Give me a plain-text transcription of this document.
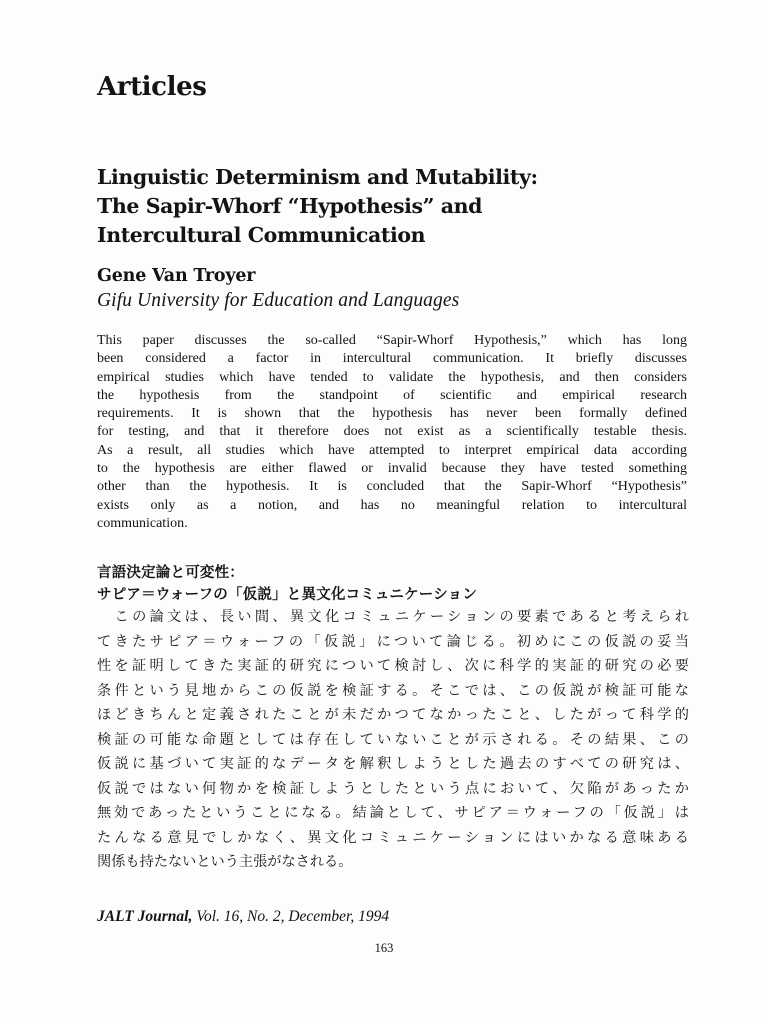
Articles
Linguistic Determinism and Mutability:
The Sapir-Whorf “Hypothesis” and
Intercultural Communication
Gene Van Troyer
Gifu University for Education and Languages
This paper discusses the so-called “Sapir-Whorf Hypothesis,” which has long
been considered a factor in intercultural communication. It briefly discusses
empirical studies which have tended to validate the hypothesis, and then considers
the hypothesis from the standpoint of scientific and empirical research
requirements. It is shown that the hypothesis has never been formally defined
for testing, and that it therefore does not exist as a scientifically testable thesis.
As a result, all studies which have attempted to interpret empirical data according
to the hypothesis are either flawed or invalid because they have tested something
other than the hypothesis. It is concluded that the Sapir-Whorf “Hypothesis”
exists only as a notion, and has no meaningful relation to intercultural
communication.
言語決定論と可変性：
サピア＝ウォーフの「仮説」と異文化コミュニケーション
　この論文は、長い間、異文化コミュニケーションの要素であると考えられ
てきたサピア＝ウォーフの「仮説」について論じる。初めにこの仮説の妥当
性を証明してきた実証的研究について検討し、次に科学的実証的研究の必要
条件という見地からこの仮説を検証する。そこでは、この仮説が検証可能な
ほどきちんと定義されたことが未だかつてなかったこと、したがって科学的
検証の可能な命題としては存在していないことが示される。その結果、この
仮説に基づいて実証的なデータを解釈しようとした過去のすべての研究は、
仮説ではない何物かを検証しようとしたという点において、欠陥があったか
無効であったということになる。結論として、サピア＝ウォーフの「仮説」は
たんなる意見でしかなく、異文化コミュニケーションにはいかなる意味ある
関係も持たないという主張がなされる。
JALT Journal, Vol. 16, No. 2, December, 1994
163
